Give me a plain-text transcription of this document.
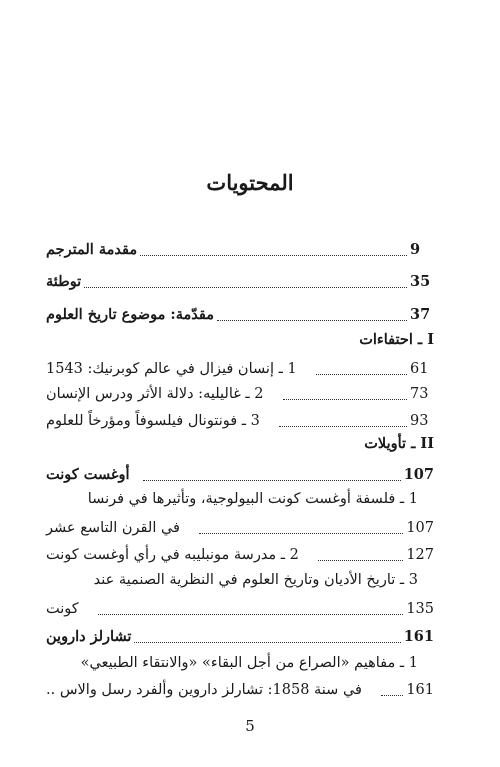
المحتويات
مقدمة المترجم	9
توطئة	35
مقدّمة: موضوع تاريخ العلوم	37
I ـ احتفاءات
1 ـ إنسان فيزال في عالم كوبرنيك: 1543	61
2 ـ غاليليه: دلالة الأثر ودرس الإنسان	73
3 ـ فونتونال فيلسوفاً ومؤرخاً للعلوم	93
II ـ تأويلات
أوغست كونت	107
1 ـ فلسفة أوغست كونت البيولوجية، وتأثيرها في فرنسا
في القرن التاسع عشر	107
2 ـ مدرسة مونبليبه في رأي أوغست كونت	127
3 ـ تاريخ الأديان وتاريخ العلوم في النظرية الصنمية عند
كونت	135
تشارلز داروين	161
1 ـ مفاهيم «الصراع من أجل البقاء» «والانتقاء الطبيعي»
في سنة 1858: تشارلز داروين وألفرد رسل والاس ..	161
5
